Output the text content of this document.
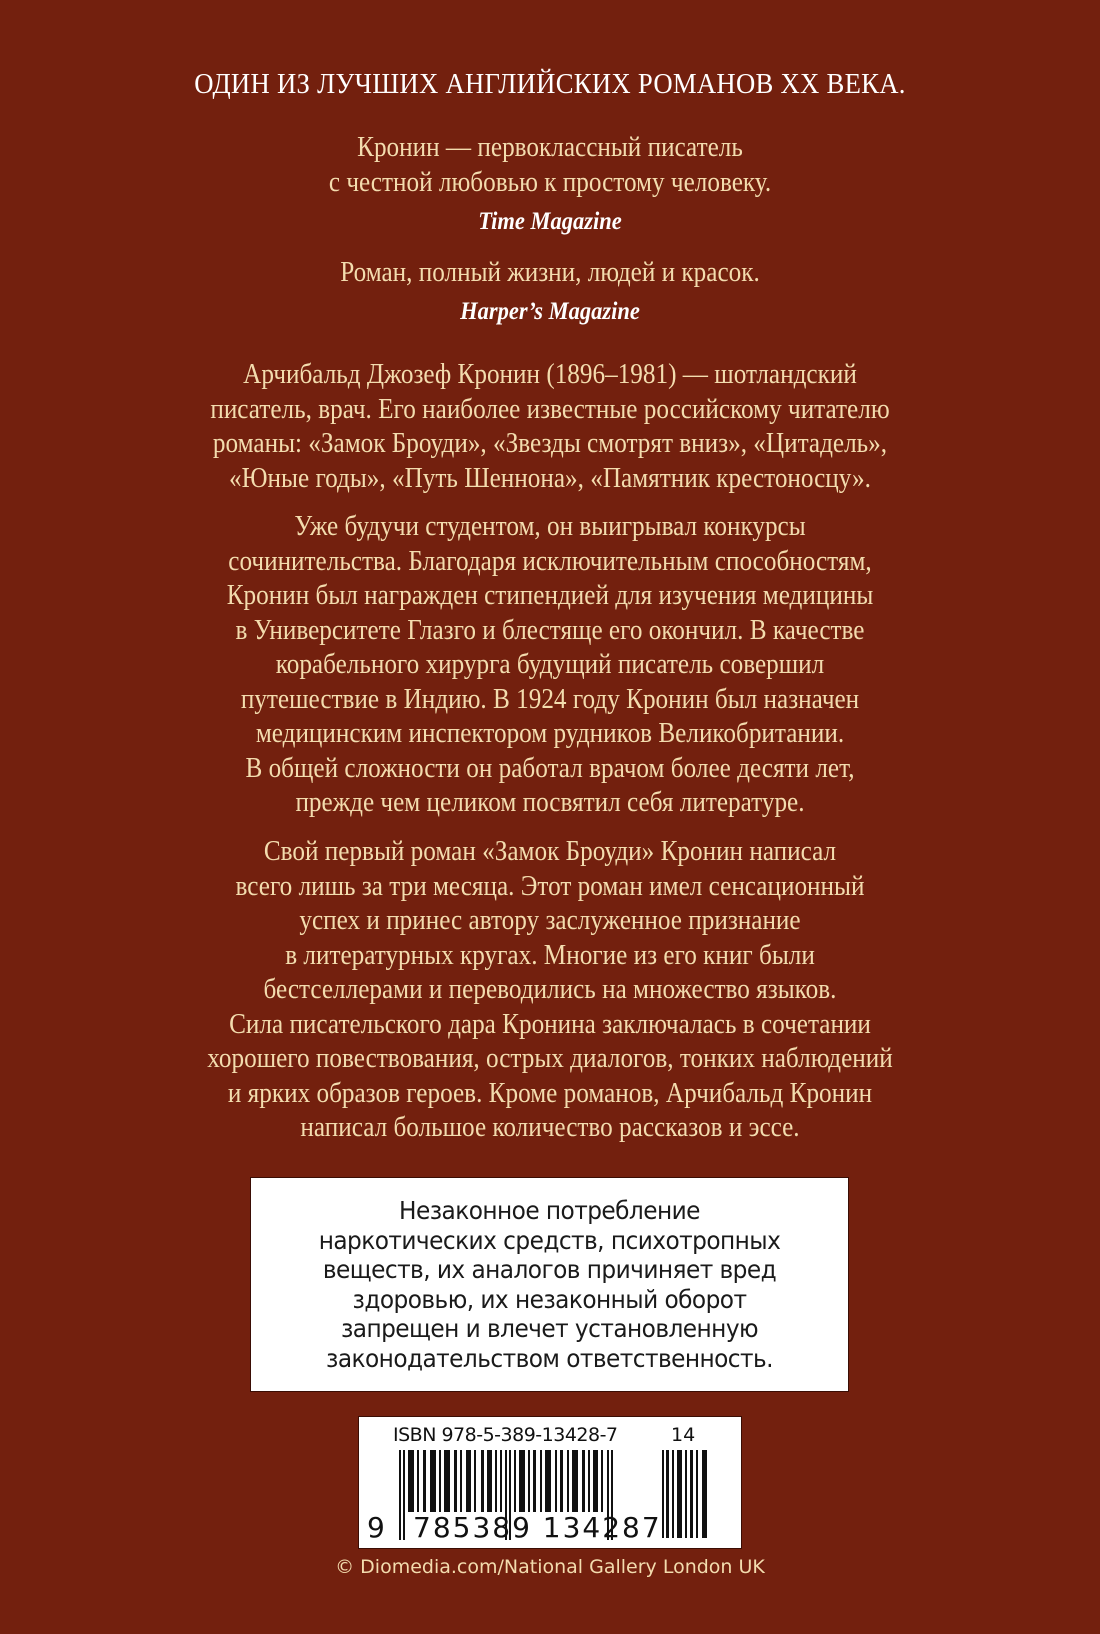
ОДИН ИЗ ЛУЧШИХ АНГЛИЙСКИХ РОМАНОВ XX ВЕКА.
Кронин — первоклассный писатель
с честной любовью к простому человеку.
Time Magazine
Роман, полный жизни, людей и красок.
Harper’s Magazine
Арчибальд Джозеф Кронин (1896–1981) — шотландский
писатель, врач. Его наиболее известные российскому читателю
романы: «Замок Броуди», «Звезды смотрят вниз», «Цитадель»,
«Юные годы», «Путь Шеннона», «Памятник крестоносцу».
Уже будучи студентом, он выигрывал конкурсы
сочинительства. Благодаря исключительным способностям,
Кронин был награжден стипендией для изучения медицины
в Университете Глазго и блестяще его окончил. В качестве
корабельного хирурга будущий писатель совершил
путешествие в Индию. В 1924 году Кронин был назначен
медицинским инспектором рудников Великобритании.
В общей сложности он работал врачом более десяти лет,
прежде чем целиком посвятил себя литературе.
Свой первый роман «Замок Броуди» Кронин написал
всего лишь за три месяца. Этот роман имел сенсационный
успех и принес автору заслуженное признание
в литературных кругах. Многие из его книг были
бестселлерами и переводились на множество языков.
Сила писательского дара Кронина заключалась в сочетании
хорошего повествования, острых диалогов, тонких наблюдений
и ярких образов героев. Кроме романов, Арчибальд Кронин
написал большое количество рассказов и эссе.
Незаконное потребление
наркотических средств, психотропных
веществ, их аналогов причиняет вред
здоровью, их незаконный оборот
запрещен и влечет установленную
законодательством ответственность.
ISBN 978-5-389-13428-7	14
9 785389 134287
© Diomedia.com/National Gallery London UK
